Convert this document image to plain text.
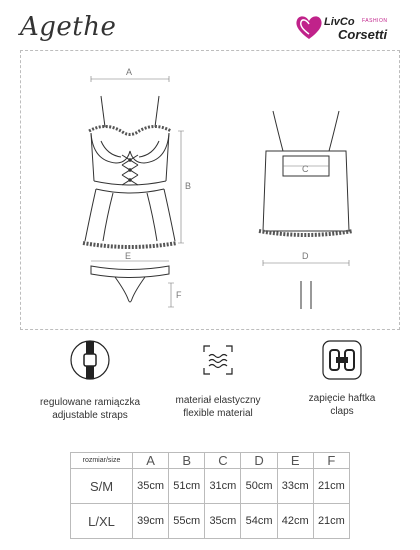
Agethe	LivCo FASHION
Corsetti
A
B
C
D
E
F
regulowane ramiączka
adjustable straps
materiał elastyczny
flexible material
zapięcie haftka
claps
rozmiar/size	A	B	C	D	E	F
S/M	35cm	51cm	31cm	50cm	33cm	21cm
L/XL	39cm	55cm	35cm	54cm	42cm	21cm
